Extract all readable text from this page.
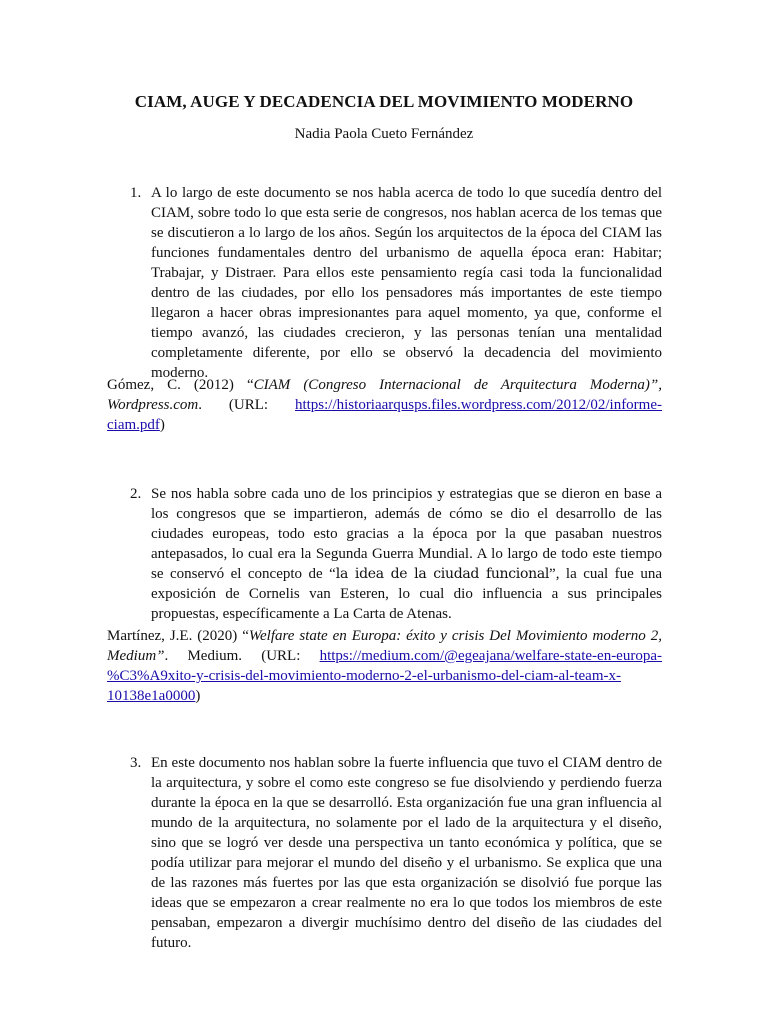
CIAM, AUGE Y DECADENCIA DEL MOVIMIENTO MODERNO
Nadia Paola Cueto Fernández
1. A lo largo de este documento se nos habla acerca de todo lo que sucedía dentro del CIAM, sobre todo lo que esta serie de congresos, nos hablan acerca de los temas que se discutieron a lo largo de los años. Según los arquitectos de la época del CIAM las funciones fundamentales dentro del urbanismo de aquella época eran: Habitar; Trabajar, y Distraer. Para ellos este pensamiento regía casi toda la funcionalidad dentro de las ciudades, por ello los pensadores más importantes de este tiempo llegaron a hacer obras impresionantes para aquel momento, ya que, conforme el tiempo avanzó, las ciudades crecieron, y las personas tenían una mentalidad completamente diferente, por ello se observó la decadencia del movimiento moderno.
Gómez, C. (2012) “CIAM (Congreso Internacional de Arquitectura Moderna)”, Wordpress.com. (URL: https://historiaarqusps.files.wordpress.com/2012/02/informe-ciam.pdf)
2. Se nos habla sobre cada uno de los principios y estrategias que se dieron en base a los congresos que se impartieron, además de cómo se dio el desarrollo de las ciudades europeas, todo esto gracias a la época por la que pasaban nuestros antepasados, lo cual era la Segunda Guerra Mundial. A lo largo de todo este tiempo se conservó el concepto de “la idea de la ciudad funcional”, la cual fue una exposición de Cornelis van Esteren, lo cual dio influencia a sus principales propuestas, específicamente a La Carta de Atenas.
Martínez, J.E. (2020) “Welfare state en Europa: éxito y crisis Del Movimiento moderno 2, Medium”. Medium. (URL: https://medium.com/@egeajana/welfare-state-en-europa-%C3%A9xito-y-crisis-del-movimiento-moderno-2-el-urbanismo-del-ciam-al-team-x-10138e1a0000)
3. En este documento nos hablan sobre la fuerte influencia que tuvo el CIAM dentro de la arquitectura, y sobre el como este congreso se fue disolviendo y perdiendo fuerza durante la época en la que se desarrolló. Esta organización fue una gran influencia al mundo de la arquitectura, no solamente por el lado de la arquitectura y el diseño, sino que se logró ver desde una perspectiva un tanto económica y política, que se podía utilizar para mejorar el mundo del diseño y el urbanismo. Se explica que una de las razones más fuertes por las que esta organización se disolvió fue porque las ideas que se empezaron a crear realmente no era lo que todos los miembros de este pensaban, empezaron a divergir muchísimo dentro del diseño de las ciudades del futuro.
